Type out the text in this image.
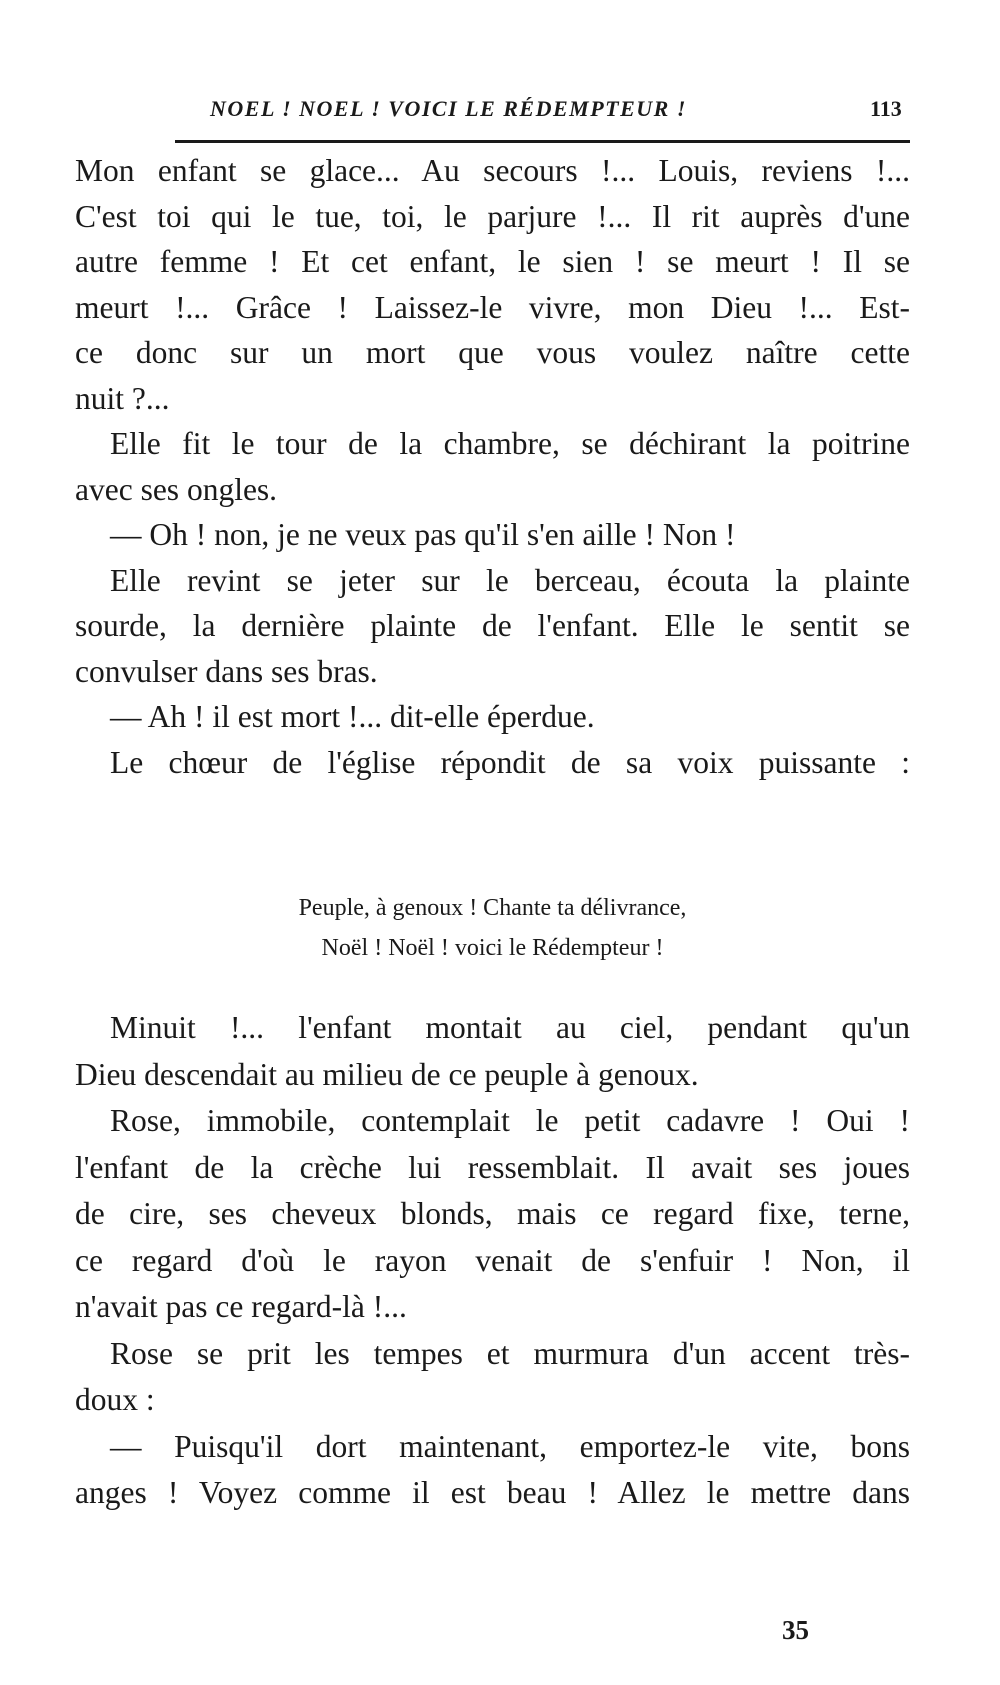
NOEL ! NOEL ! VOICI LE RÉDEMPTEUR !	113

Mon enfant se glace... Au secours !... Louis, reviens !...
C'est toi qui le tue, toi, le parjure !... Il rit auprès d'une
autre femme ! Et cet enfant, le sien ! se meurt ! Il se
meurt !... Grâce ! Laissez-le vivre, mon Dieu !... Est-
ce donc sur un mort que vous voulez naître cette
nuit ?...

Elle fit le tour de la chambre, se déchirant la poitrine
avec ses ongles.

— Oh ! non, je ne veux pas qu'il s'en aille ! Non !

Elle revint se jeter sur le berceau, écouta la plainte
sourde, la dernière plainte de l'enfant. Elle le sentit se
convulser dans ses bras.

— Ah ! il est mort !... dit-elle éperdue.

Le chœur de l'église répondit de sa voix puissante :

Peuple, à genoux ! Chante ta délivrance,
Noël ! Noël ! voici le Rédempteur !

Minuit !... l'enfant montait au ciel, pendant qu'un
Dieu descendait au milieu de ce peuple à genoux.

Rose, immobile, contemplait le petit cadavre ! Oui !
l'enfant de la crèche lui ressemblait. Il avait ses joues
de cire, ses cheveux blonds, mais ce regard fixe, terne,
ce regard d'où le rayon venait de s'enfuir ! Non, il
n'avait pas ce regard-là !...

Rose se prit les tempes et murmura d'un accent très-
doux :

— Puisqu'il dort maintenant, emportez-le vite, bons
anges ! Voyez comme il est beau ! Allez le mettre dans

35
